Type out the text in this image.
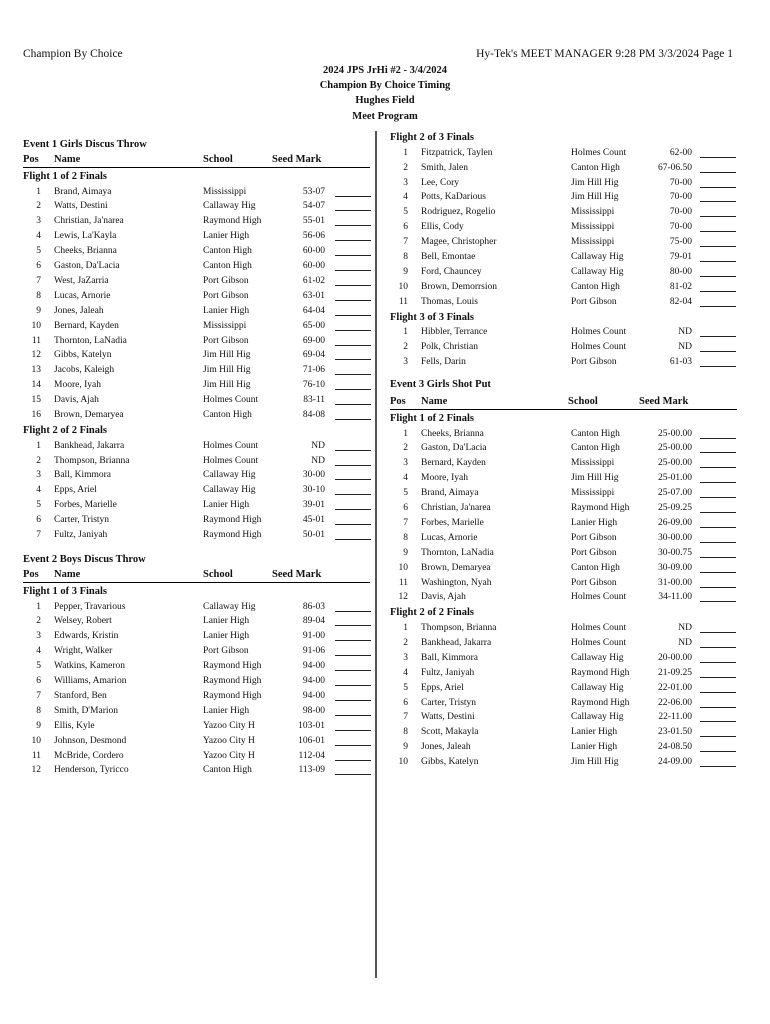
Champion By Choice	Hy-Tek's MEET MANAGER 9:28 PM 3/3/2024 Page 1
2024 JPS JrHi #2 - 3/4/2024
Champion By Choice Timing
Hughes Field
Meet Program
Event 1 Girls Discus Throw
Pos Name	School	Seed Mark
Flight 1 of 2 Finals
1 Brand, Aimaya	Mississippi	53-07
2 Watts, Destini	Callaway Hig	54-07
3 Christian, Ja'narea	Raymond High	55-01
4 Lewis, La'Kayla	Lanier High	56-06
5 Cheeks, Brianna	Canton High	60-00
6 Gaston, Da'Lacia	Canton High	60-00
7 West, JaZarria	Port Gibson	61-02
8 Lucas, Arnorie	Port Gibson	63-01
9 Jones, Jaleah	Lanier High	64-04
10 Bernard, Kayden	Mississippi	65-00
11 Thornton, LaNadia	Port Gibson	69-00
12 Gibbs, Katelyn	Jim Hill Hig	69-04
13 Jacobs, Kaleigh	Jim Hill Hig	71-06
14 Moore, Iyah	Jim Hill Hig	76-10
15 Davis, Ajah	Holmes Count	83-11
16 Brown, Demaryea	Canton High	84-08
Flight 2 of 2 Finals
1 Bankhead, Jakarra	Holmes Count	ND
2 Thompson, Brianna	Holmes Count	ND
3 Ball, Kimmora	Callaway Hig	30-00
4 Epps, Ariel	Callaway Hig	30-10
5 Forbes, Marielle	Lanier High	39-01
6 Carter, Tristyn	Raymond High	45-01
7 Fultz, Janiyah	Raymond High	50-01
Event 2 Boys Discus Throw
Pos Name	School	Seed Mark
Flight 1 of 3 Finals
1 Pepper, Travarious	Callaway Hig	86-03
2 Welsey, Robert	Lanier High	89-04
3 Edwards, Kristin	Lanier High	91-00
4 Wright, Walker	Port Gibson	91-06
5 Watkins, Kameron	Raymond High	94-00
6 Williams, Amarion	Raymond High	94-00
7 Stanford, Ben	Raymond High	94-00
8 Smith, D'Marion	Lanier High	98-00
9 Ellis, Kyle	Yazoo City H	103-01
10 Johnson, Desmond	Yazoo City H	106-01
11 McBride, Cordero	Yazoo City H	112-04
12 Henderson, Tyricco	Canton High	113-09
Flight 2 of 3 Finals
1 Fitzpatrick, Taylen	Holmes Count	62-00
2 Smith, Jalen	Canton High	67-06.50
3 Lee, Cory	Jim Hill Hig	70-00
4 Potts, KaDarious	Jim Hill Hig	70-00
5 Rodriguez, Rogelio	Mississippi	70-00
6 Ellis, Cody	Mississippi	70-00
7 Magee, Christopher	Mississippi	75-00
8 Bell, Emontae	Callaway Hig	79-01
9 Ford, Chauncey	Callaway Hig	80-00
10 Brown, Demorrsion	Canton High	81-02
11 Thomas, Louis	Port Gibson	82-04
Flight 3 of 3 Finals
1 Hibbler, Terrance	Holmes Count	ND
2 Polk, Christian	Holmes Count	ND
3 Fells, Darin	Port Gibson	61-03
Event 3 Girls Shot Put
Pos Name	School	Seed Mark
Flight 1 of 2 Finals
1 Cheeks, Brianna	Canton High	25-00.00
2 Gaston, Da'Lacia	Canton High	25-00.00
3 Bernard, Kayden	Mississippi	25-00.00
4 Moore, Iyah	Jim Hill Hig	25-01.00
5 Brand, Aimaya	Mississippi	25-07.00
6 Christian, Ja'narea	Raymond High	25-09.25
7 Forbes, Marielle	Lanier High	26-09.00
8 Lucas, Arnorie	Port Gibson	30-00.00
9 Thornton, LaNadia	Port Gibson	30-00.75
10 Brown, Demaryea	Canton High	30-09.00
11 Washington, Nyah	Port Gibson	31-00.00
12 Davis, Ajah	Holmes Count	34-11.00
Flight 2 of 2 Finals
1 Thompson, Brianna	Holmes Count	ND
2 Bankhead, Jakarra	Holmes Count	ND
3 Ball, Kimmora	Callaway Hig	20-00.00
4 Fultz, Janiyah	Raymond High	21-09.25
5 Epps, Ariel	Callaway Hig	22-01.00
6 Carter, Tristyn	Raymond High	22-06.00
7 Watts, Destini	Callaway Hig	22-11.00
8 Scott, Makayla	Lanier High	23-01.50
9 Jones, Jaleah	Lanier High	24-08.50
10 Gibbs, Katelyn	Jim Hill Hig	24-09.00
